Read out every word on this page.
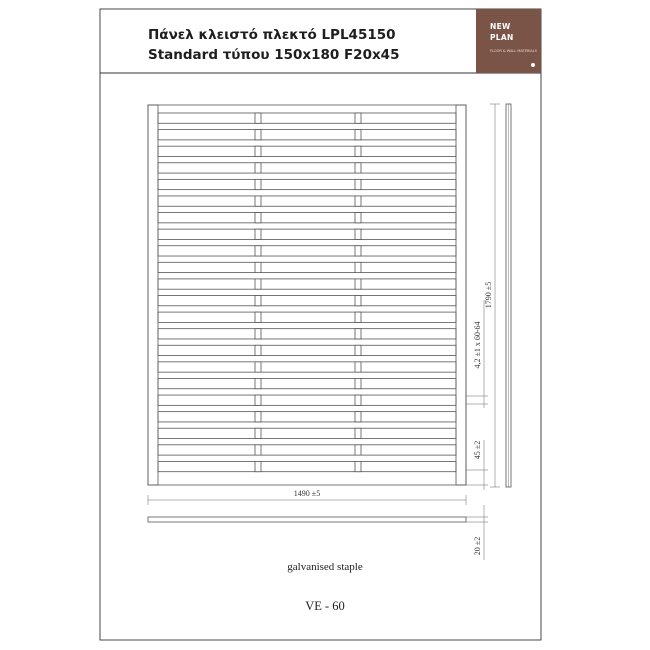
1490 ±5
1790 ±5
4,2 ±1 x 60-64
45 ±2
20 ±2
Πάνελ κλειστό πλεκτό LPL45150
Standard τύπου 150x180 F20x45
NEW
PLAN
FLOOR & WALL MATERIALS
galvanised staple
VE - 60
